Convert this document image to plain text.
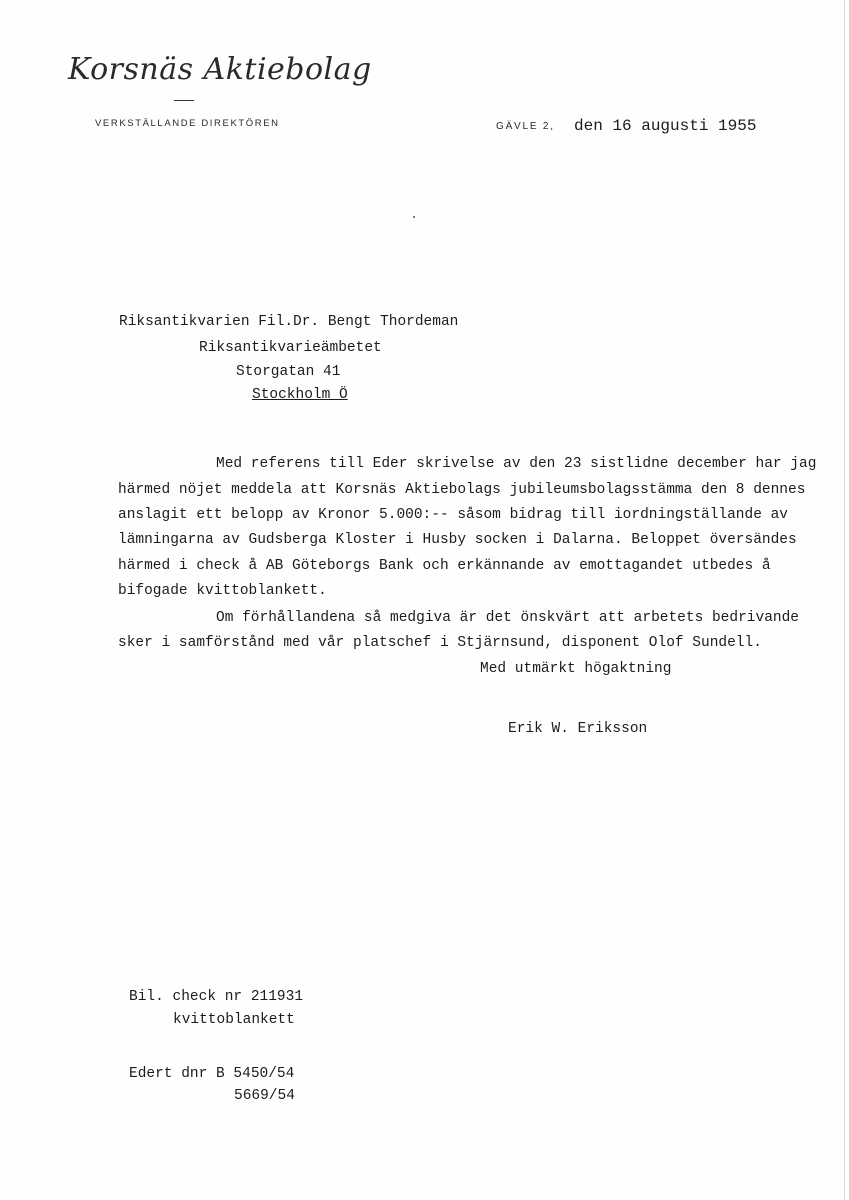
Korsnäs Aktiebolag
VERKSTÄLLANDE DIREKTÖREN	GÄVLE 2, den 16 augusti 1955
Riksantikvarien Fil.Dr. Bengt Thordeman
Riksantikvarieämbetet
Storgatan 41
Stockholm Ö
Med referens till Eder skrivelse av den 23 sistlidne december har jag
härmed nöjet meddela att Korsnäs Aktiebolags jubileumsbolagsstämma den 8 dennes
anslagit ett belopp av Kronor 5.000:-- såsom bidrag till iordningställande av
lämningarna av Gudsberga Kloster i Husby socken i Dalarna. Beloppet översändes
härmed i check å AB Göteborgs Bank och erkännande av emottagandet utbedes å
bifogade kvittoblankett.
Om förhållandena så medgiva är det önskvärt att arbetets bedrivande
sker i samförstånd med vår platschef i Stjärnsund, disponent Olof Sundell.
Med utmärkt högaktning
Erik W. Eriksson
Bil. check nr 211931
kvittoblankett
Edert dnr B 5450/54
5669/54
